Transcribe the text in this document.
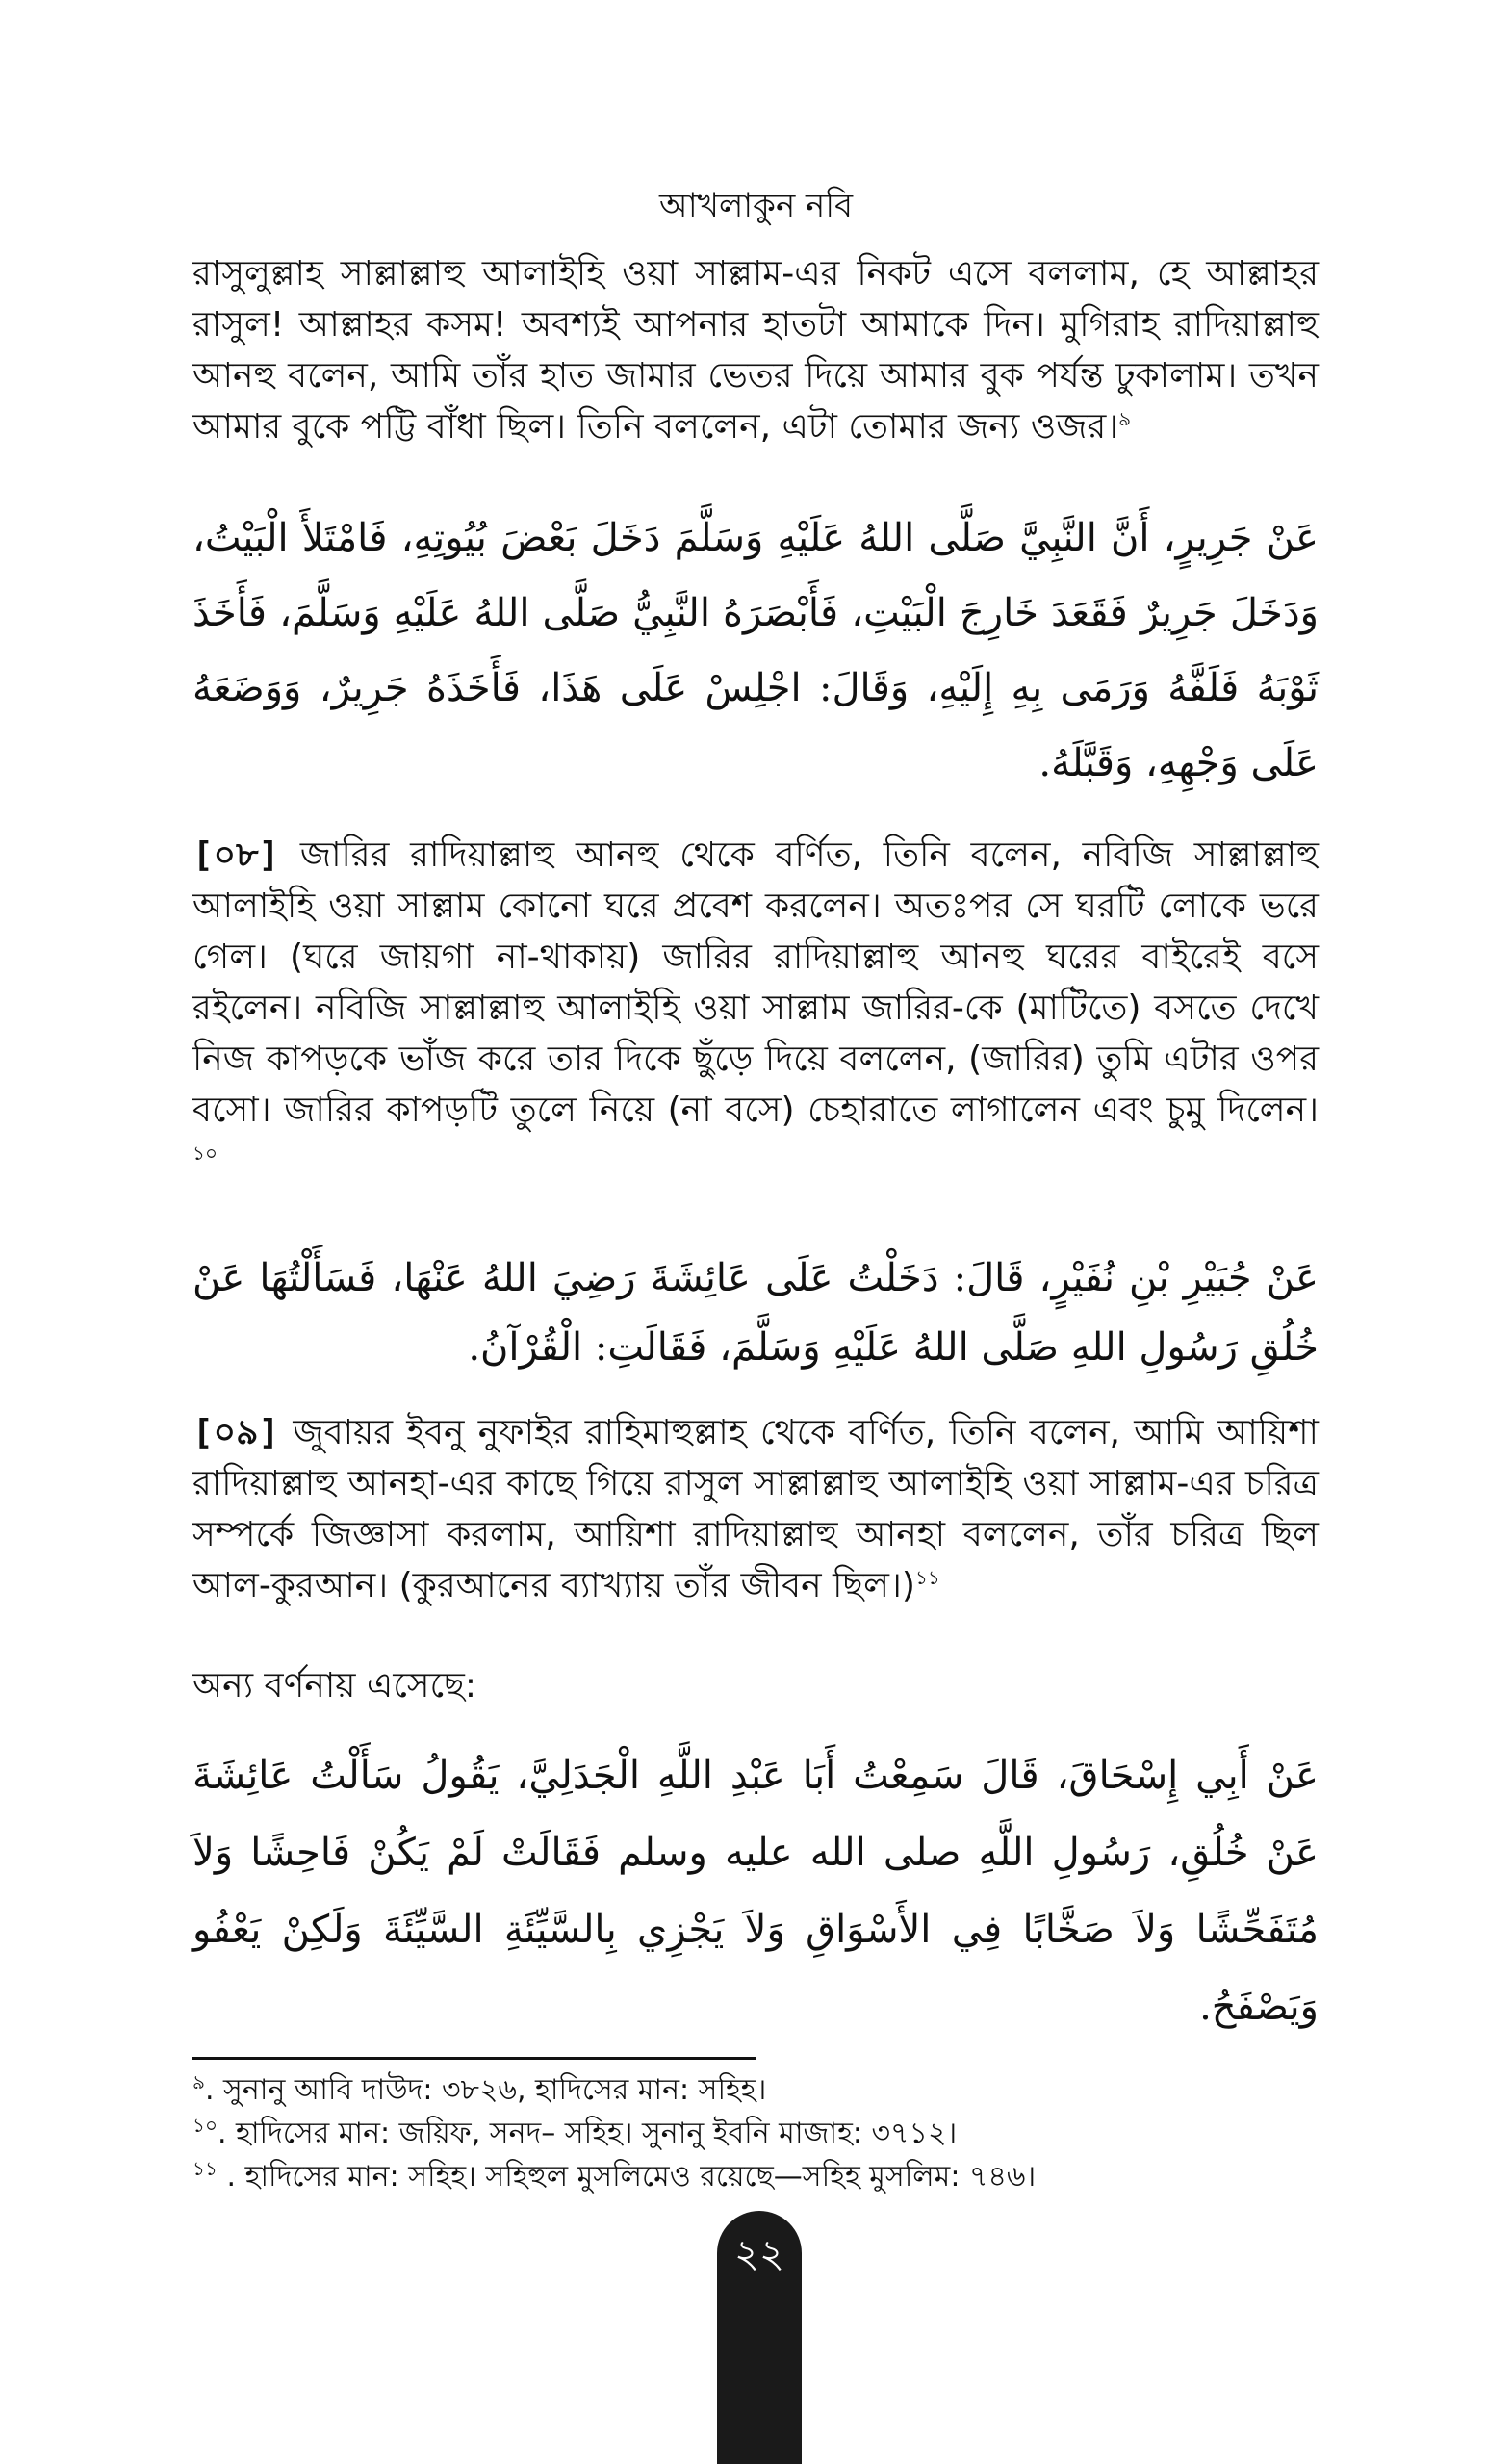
আখলাকুন নবি

রাসুলুল্লাহ সাল্লাল্লাহু আলাইহি ওয়া সাল্লাম-এর নিকট এসে বললাম, হে আল্লাহর রাসুল! আল্লাহর কসম! অবশ্যই আপনার হাতটা আমাকে দিন। মুগিরাহ রাদিয়াল্লাহু আনহু বলেন, আমি তাঁর হাত জামার ভেতর দিয়ে আমার বুক পর্যন্ত ঢুকালাম। তখন আমার বুকে পট্টি বাঁধা ছিল। তিনি বললেন, এটা তোমার জন্য ওজর।$^৯$

عَنْ جَرِيرٍ، أَنَّ النَّبِيَّ صَلَّى اللهُ عَلَيْهِ وَسَلَّمَ دَخَلَ بَعْضَ بُيُوتِهِ، فَامْتَلأَ الْبَيْتُ، وَدَخَلَ جَرِيرٌ فَقَعَدَ خَارِجَ الْبَيْتِ، فَأَبْصَرَهُ النَّبِيُّ صَلَّى اللهُ عَلَيْهِ وَسَلَّمَ، فَأَخَذَ ثَوْبَهُ فَلَفَّهُ وَرَمَى بِهِ إِلَيْهِ، وَقَالَ: اجْلِسْ عَلَى هَذَا، فَأَخَذَهُ جَرِيرٌ، وَوَضَعَهُ عَلَى وَجْهِهِ، وَقَبَّلَهُ.

[০৮] জারির রাদিয়াল্লাহু আনহু থেকে বর্ণিত, তিনি বলেন, নবিজি সাল্লাল্লাহু আলাইহি ওয়া সাল্লাম কোনো ঘরে প্রবেশ করলেন। অতঃপর সে ঘরটি লোকে ভরে গেল। (ঘরে জায়গা না-থাকায়) জারির রাদিয়াল্লাহু আনহু ঘরের বাইরেই বসে রইলেন। নবিজি সাল্লাল্লাহু আলাইহি ওয়া সাল্লাম জারির-কে (মাটিতে) বসতে দেখে নিজ কাপড়কে ভাঁজ করে তার দিকে ছুঁড়ে দিয়ে বললেন, (জারির) তুমি এটার ওপর বসো। জারির কাপড়টি তুলে নিয়ে (না বসে) চেহারাতে লাগালেন এবং চুমু দিলেন।$^{১০}$

عَنْ جُبَيْرِ بْنِ نُفَيْرٍ، قَالَ: دَخَلْتُ عَلَى عَائِشَةَ رَضِيَ اللهُ عَنْهَا، فَسَأَلْتُهَا عَنْ خُلُقِ رَسُولِ اللهِ صَلَّى اللهُ عَلَيْهِ وَسَلَّمَ، فَقَالَتِ: الْقُرْآنُ.

[০৯] জুবায়র ইবনু নুফাইর রাহিমাহুল্লাহ থেকে বর্ণিত, তিনি বলেন, আমি আয়িশা রাদিয়াল্লাহু আনহা-এর কাছে গিয়ে রাসুল সাল্লাল্লাহু আলাইহি ওয়া সাল্লাম-এর চরিত্র সম্পর্কে জিজ্ঞাসা করলাম, আয়িশা রাদিয়াল্লাহু আনহা বললেন, তাঁর চরিত্র ছিল আল-কুরআন। (কুরআনের ব্যাখ্যায় তাঁর জীবন ছিল।)$^{১১}$

অন্য বর্ণনায় এসেছে:

عَنْ أَبِي إِسْحَاقَ، قَالَ سَمِعْتُ أَبَا عَبْدِ اللَّهِ الْجَدَلِيَّ، يَقُولُ سَأَلْتُ عَائِشَةَ عَنْ خُلُقِ، رَسُولِ اللَّهِ صلى الله عليه وسلم فَقَالَتْ لَمْ يَكُنْ فَاحِشًا وَلاَ مُتَفَحِّشًا وَلاَ صَخَّابًا فِي الأَسْوَاقِ وَلاَ يَجْزِي بِالسَّيِّئَةِ السَّيِّئَةَ وَلَكِنْ يَعْفُو وَيَصْفَحُ.

$^৯$. সুনানু আবি দাউদ: ৩৮২৬, হাদিসের মান: সহিহ।
$^{১০}$. হাদিসের মান: জয়িফ, সনদ– সহিহ। সুনানু ইবনি মাজাহ: ৩৭১২।
$^{১১}$ . হাদিসের মান: সহিহ। সহিহুল মুসলিমেও রয়েছে—সহিহ মুসলিম: ৭৪৬।
২২
